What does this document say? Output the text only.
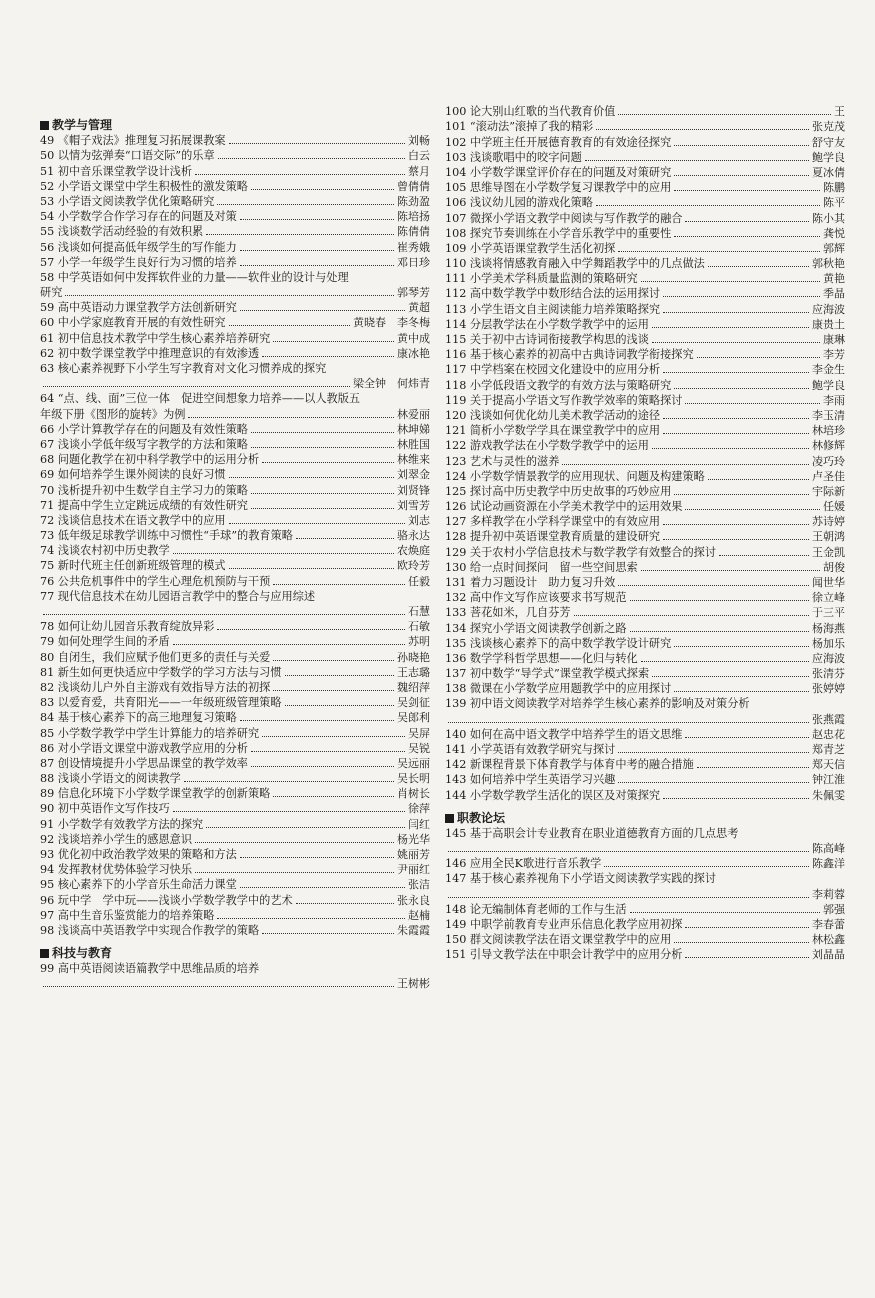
教学与管理
49 《帽子戏法》推理复习拓展课教案	刘畅
50 以情为弦弹奏“口语交际”的乐章	白云
51 初中音乐课堂教学设计浅析	蔡月
52 小学语文课堂中学生积极性的激发策略	曾倩倩
53 小学语文阅读教学优化策略研究	陈劲盈
54 小学数学合作学习存在的问题及对策	陈培扬
55 浅谈数学活动经验的有效积累	陈倩倩
56 浅谈如何提高低年级学生的写作能力	崔秀娥
57 小学一年级学生良好行为习惯的培养	邓日珍
58 中学英语如何中发挥软件业的力量——软件业的设计与处理
研究	郭琴芳
59 高中英语动力课堂教学方法创新研究	黄超
60 中小学家庭教育开展的有效性研究	黄晓春　李冬梅
61 初中信息技术教学中学生核心素养培养研究	黄中成
62 初中数学课堂教学中推理意识的有效渗透	康冰艳
63 核心素养视野下小学生写字教育对文化习惯养成的探究
梁全钟　何炜青
64 “点、线、面”三位一体　促进空间想象力培养——以人教版五
年级下册《图形的旋转》为例	林爱丽
66 小学计算教学存在的问题及有效性策略	林坤娣
67 浅谈小学低年级写字教学的方法和策略	林胜国
68 问题化教学在初中科学教学中的运用分析	林维来
69 如何培养学生课外阅读的良好习惯	刘翠金
70 浅析提升初中生数学自主学习力的策略	刘贤锋
71 提高中学生立定跳远成绩的有效性研究	刘雪芳
72 浅谈信息技术在语文教学中的应用	刘志
73 低年级足球教学训练中习惯性“手球”的教育策略	骆永达
74 浅谈农村初中历史教学	农焕庭
75 新时代班主任创新班级管理的模式	欧玲芳
76 公共危机事件中的学生心理危机预防与干预	任毅
77 现代信息技术在幼儿园语言教学中的整合与应用综述
石慧
78 如何让幼儿园音乐教育绽放异彩	石敏
79 如何处理学生间的矛盾	苏明
80 自闭生，我们应赋予他们更多的责任与关爱	孙晓艳
81 新生如何更快适应中学数学的学习方法与习惯	王志璐
82 浅谈幼儿户外自主游戏有效指导方法的初探	魏绍萍
83 以爱育爱，共育阳光——一年级班级管理策略	吴剑征
84 基于核心素养下的高三地理复习策略	吴郎利
85 小学数学教学中学生计算能力的培养研究	吴屏
86 对小学语文课堂中游戏教学应用的分析	吴锐
87 创设情境提升小学思品课堂的教学效率	吴远丽
88 浅谈小学语文的阅读教学	吴长明
89 信息化环境下小学数学课堂教学的创新策略	肖树长
90 初中英语作文写作技巧	徐萍
91 小学数学有效教学方法的探究	闫红
92 浅谈培养小学生的感恩意识	杨光华
93 优化初中政治教学效果的策略和方法	姚丽芳
94 发挥教材优势体验学习快乐	尹丽红
95 核心素养下的小学音乐生命活力课堂	张洁
96 玩中学　学中玩——浅谈小学数学教学中的艺术	张永良
97 高中生音乐鉴赏能力的培养策略	赵楠
98 浅谈高中英语教学中实现合作教学的策略	朱霞霞
科技与教育
99 高中英语阅读语篇教学中思维品质的培养
王树彬
100 论大别山红歌的当代教育价值	王
101 “滚动法”滚掉了我的精彩	张克茂
102 中学班主任开展德育教育的有效途径探究	舒守友
103 浅谈歌唱中的咬字问题	鲍学良
104 小学数学课堂评价存在的问题及对策研究	夏冰倩
105 思维导图在小学数学复习课教学中的应用	陈鹏
106 浅议幼儿园的游戏化策略	陈平
107 微探小学语文教学中阅读与写作教学的融合	陈小其
108 探究节奏训练在小学音乐教学中的重要性	龚悦
109 小学英语课堂教学生活化初探	郭辉
110 浅谈将情感教育融入中学舞蹈教学中的几点做法	郭秋艳
111 小学美术学科质量监测的策略研究	黄艳
112 高中数学教学中数形结合法的运用探讨	季晶
113 小学生语文自主阅读能力培养策略探究	应海波
114 分层教学法在小学数学教学中的运用	康贵土
115 关于初中古诗词衔接教学构思的浅谈	康琳
116 基于核心素养的初高中古典诗词教学衔接探究	李芳
117 中学档案在校园文化建设中的应用分析	李金生
118 小学低段语文教学的有效方法与策略研究	鲍学良
119 关于提高小学语文写作教学效率的策略探讨	李雨
120 浅谈如何优化幼儿美术教学活动的途径	李玉清
121 简析小学数学学具在课堂教学中的应用	林培珍
122 游戏教学法在小学数学教学中的运用	林修辉
123 艺术与灵性的滋养	凌巧玲
124 小学数学情景教学的应用现状、问题及构建策略	卢圣佳
125 探讨高中历史教学中历史故事的巧妙应用	宇际新
126 试论动画资源在小学美术教学中的运用效果	任媛
127 多样教学在小学科学课堂中的有效应用	苏诗婷
128 提升初中英语课堂教育质量的建设研究	王朝鸿
129 关于农村小学信息技术与数学教学有效整合的探讨	王金凯
130 给一点时间探问　留一些空间思索	胡俊
131 着力习题设计　助力复习升效	闻世华
132 高中作文写作应该要求书写规范	徐立峰
133 菩花如米，几自芬芳	于三平
134 探究小学语文阅读教学创新之路	杨海燕
135 浅谈核心素养下的高中数学教学设计研究	杨加乐
136 数学学科哲学思想——化归与转化	应海波
137 初中数学“导学式”课堂教学模式探索	张清芬
138 微课在小学数学应用题教学中的应用探讨	张婷婷
139 初中语文阅读教学对培养学生核心素养的影响及对策分析
张燕霞
140 如何在高中语文教学中培养学生的语文思维	赵忠花
141 小学英语有效教学研究与探讨	郑青芝
142 新课程背景下体育教学与体育中考的融合措施	郑天信
143 如何培养中学生英语学习兴趣	钟江淮
144 小学数学教学生活化的误区及对策探究	朱佩雯
职教论坛
145 基于高职会计专业教育在职业道德教育方面的几点思考
陈高峰
146 应用全民K歌进行音乐教学	陈鑫洋
147 基于核心素养视角下小学语文阅读教学实践的探讨
李莉蓉
148 论无编制体育老师的工作与生活	郭强
149 中职学前教育专业声乐信息化教学应用初探	李春蕾
150 群文阅读教学法在语文课堂教学中的应用	林松鑫
151 引导文教学法在中职会计教学中的应用分析	刘晶晶
